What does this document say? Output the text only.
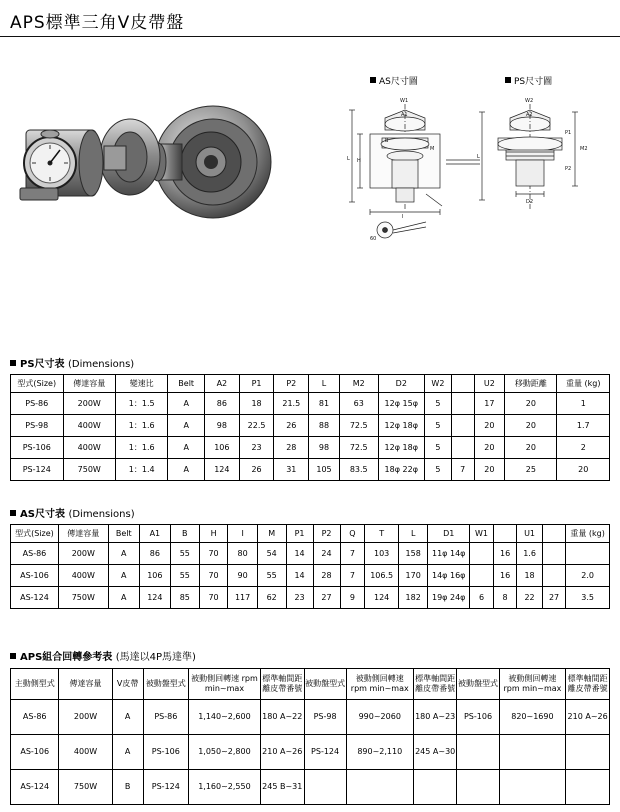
APS標準三角V皮帶盤
AS尺寸圖	PS尺寸圖
W1
A1
B
L H
I
M
60
W2
A2
L
M2
D2
P1
P2
PS尺寸表 (Dimensions)
型式(Size)	傳達容量	變速比	Belt	A2	P1	P2	L	M2	D2	W2		U2	移動距離	重量 (kg)
PS-86	200W	1：1.5	A	86	18	21.5	81	63	12φ 15φ	5		17	20	1
PS-98	400W	1：1.6	A	98	22.5	26	88	72.5	12φ 18φ	5		20	20	1.7
PS-106	400W	1：1.6	A	106	23	28	98	72.5	12φ 18φ	5		20	20	2
PS-124	750W	1：1.4	A	124	26	31	105	83.5	18φ 22φ	5	7	20	25	20
AS尺寸表 (Dimensions)
型式(Size)	傳達容量	Belt	A1	B	H	I	M	P1	P2	Q	T	L	D1	W1		U1		重量 (kg)
AS-86	200W	A	86	55	70	80	54	14	24	7	103	158	11φ 14φ		16	1.6		
AS-106	400W	A	106	55	70	90	55	14	28	7	106.5	170	14φ 16φ		16	18		2.0
AS-124	750W	A	124	85	70	117	62	23	27	9	124	182	19φ 24φ	6	8	22	27	3.5
APS組合回轉參考表 (馬達以4P馬達準)
主動側型式	傳達容量	V皮帶	被動盤型式	被動側回轉速 rpm min~max	標準軸間距離皮帶番號	被動盤型式	被動側回轉速 rpm min~max	標準軸間距離皮帶番號	被動盤型式	被動側回轉速 rpm min~max	標準軸間距離皮帶番號
AS-86	200W	A	PS-86	1,140~2,600	180 A~22	PS-98	990~2060	180 A~23	PS-106	820~1690	210 A~26
AS-106	400W	A	PS-106	1,050~2,800	210 A~26	PS-124	890~2,110	245 A~30			
AS-124	750W	B	PS-124	1,160~2,550	245 B~31						
